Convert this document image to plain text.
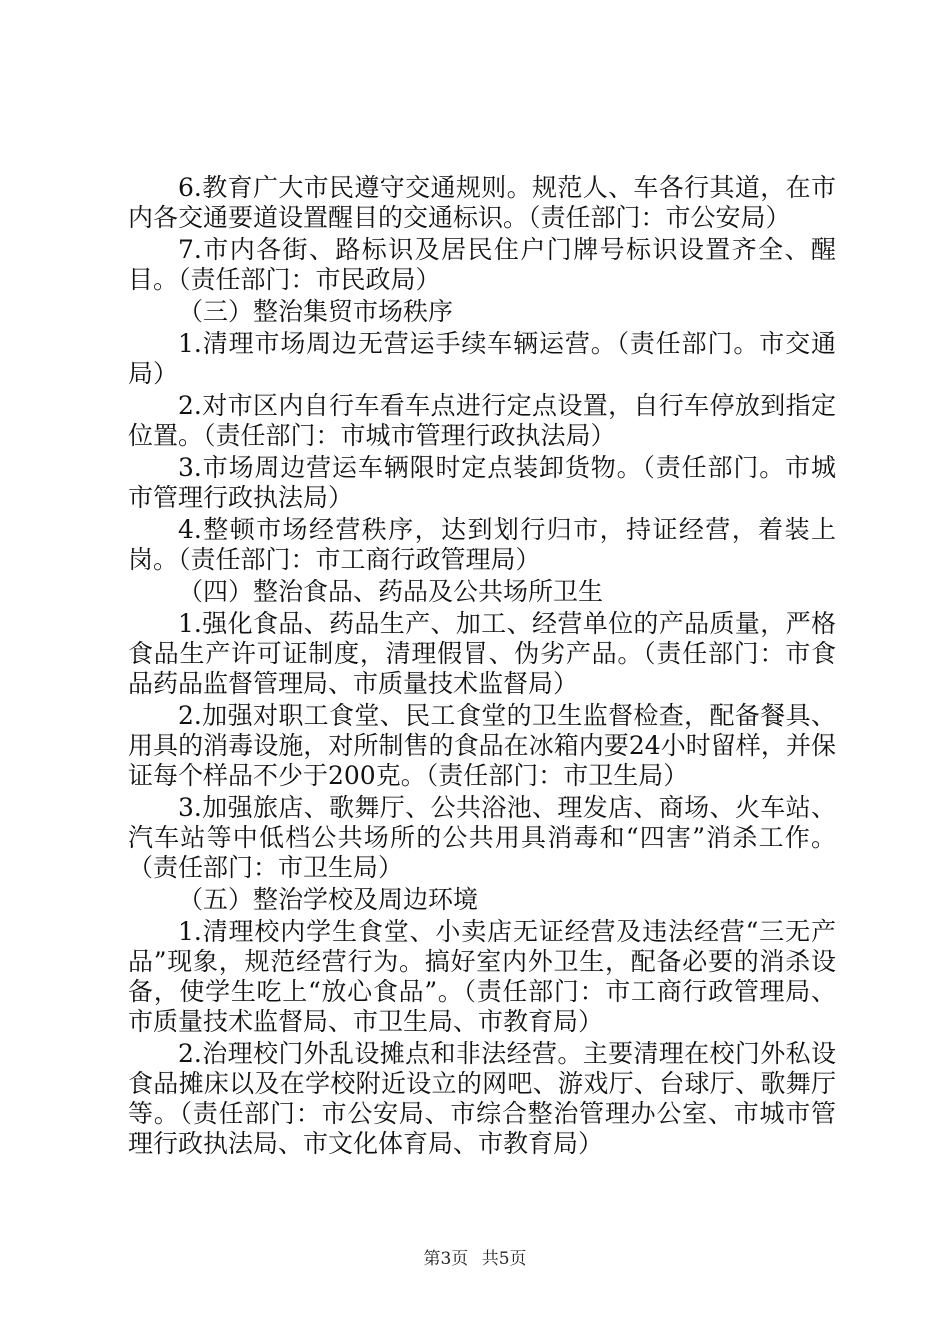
6.教育广大市民遵守交通规则。规范人、车各行其道，在市内各交通要道设置醒目的交通标识。（责任部门：市公安局）

7.市内各街、路标识及居民住户门牌号标识设置齐全、醒目。（责任部门：市民政局）

（三）整治集贸市场秩序

1.清理市场周边无营运手续车辆运营。（责任部门。市交通局）

2.对市区内自行车看车点进行定点设置，自行车停放到指定位置。（责任部门：市城市管理行政执法局）

3.市场周边营运车辆限时定点装卸货物。（责任部门。市城市管理行政执法局）

4.整顿市场经营秩序，达到划行归市，持证经营，着装上岗。（责任部门：市工商行政管理局）

（四）整治食品、药品及公共场所卫生

1.强化食品、药品生产、加工、经营单位的产品质量，严格食品生产许可证制度，清理假冒、伪劣产品。（责任部门：市食品药品监督管理局、市质量技术监督局）

2.加强对职工食堂、民工食堂的卫生监督检查，配备餐具、用具的消毒设施，对所制售的食品在冰箱内要24小时留样，并保证每个样品不少于200克。（责任部门：市卫生局）

3.加强旅店、歌舞厅、公共浴池、理发店、商场、火车站、汽车站等中低档公共场所的公共用具消毒和“四害”消杀工作。（责任部门：市卫生局）

（五）整治学校及周边环境

1.清理校内学生食堂、小卖店无证经营及违法经营“三无产品”现象，规范经营行为。搞好室内外卫生，配备必要的消杀设备，使学生吃上“放心食品”。（责任部门：市工商行政管理局、市质量技术监督局、市卫生局、市教育局）

2.治理校门外乱设摊点和非法经营。主要清理在校门外私设食品摊床以及在学校附近设立的网吧、游戏厅、台球厅、歌舞厅等。（责任部门：市公安局、市综合整治管理办公室、市城市管理行政执法局、市文化体育局、市教育局）

第3页 共5页
